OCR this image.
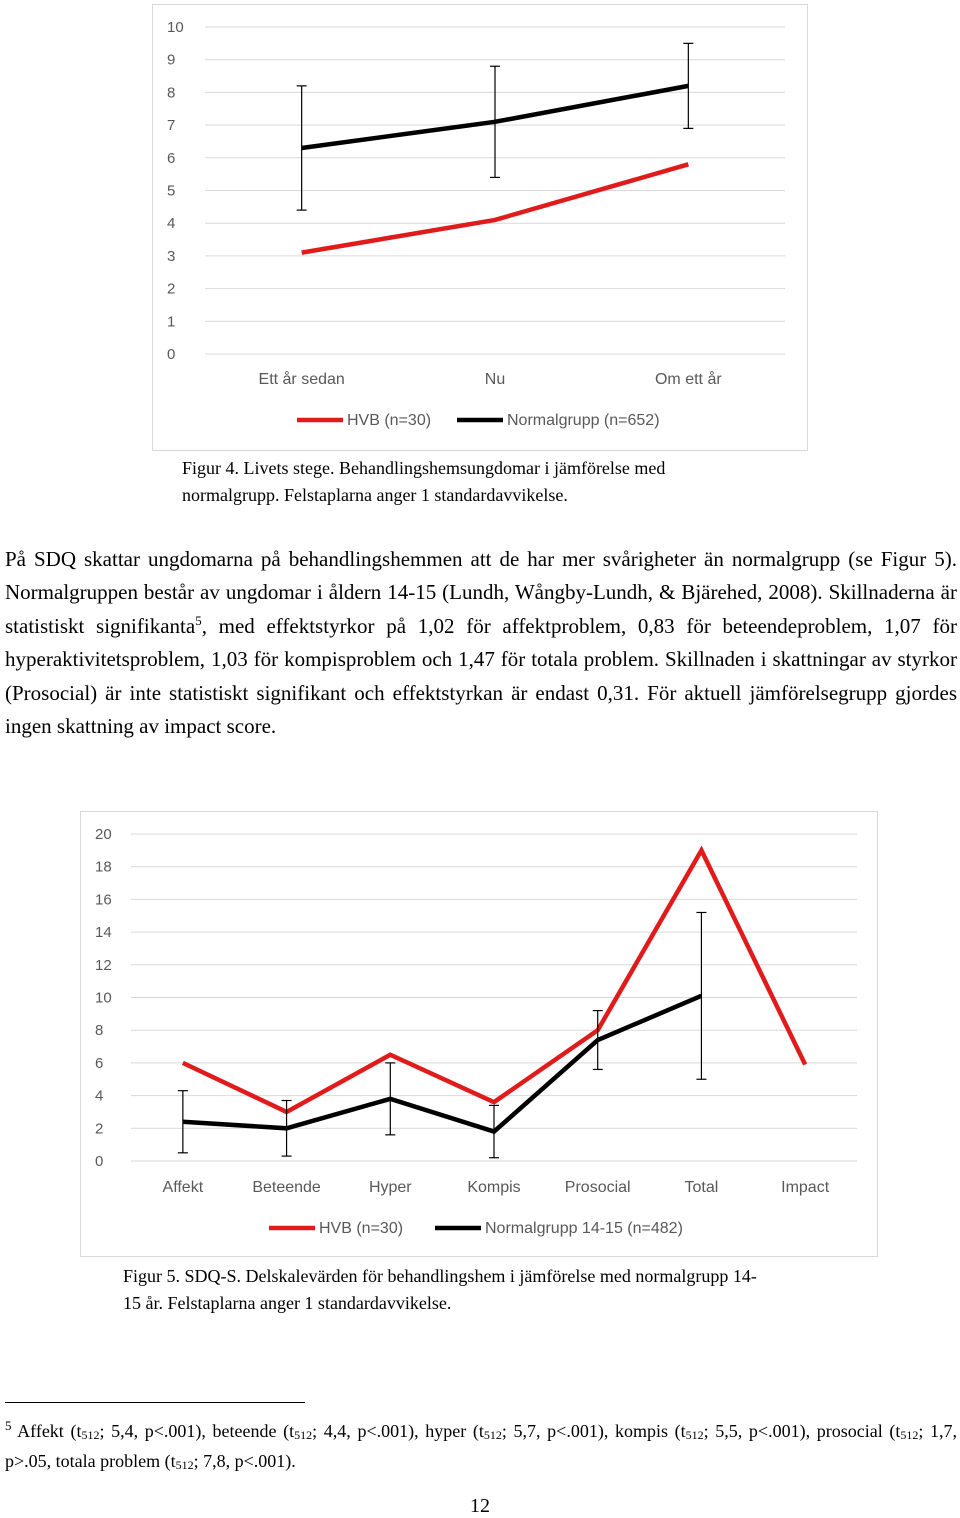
0
1
2
3
4
5
6
7
8
9
10
Ett år sedan	Nu	Om ett år
HVB (n=30)	Normalgrupp (n=652)
Figur 4. Livets stege. Behandlingshemsungdomar i jämförelse med
normalgrupp. Felstaplarna anger 1 standardavvikelse.

På SDQ skattar ungdomarna på behandlingshemmen att de har mer svårigheter än normalgrupp (se Figur 5). Normalgruppen består av ungdomar i åldern 14-15 (Lundh, Wångby-Lundh, & Bjärehed, 2008). Skillnaderna är statistiskt signifikanta$^5$, med effektstyrkor på 1,02 för affektproblem, 0,83 för beteendeproblem, 1,07 för hyperaktivitetsproblem, 1,03 för kompisproblem och 1,47 för totala problem. Skillnaden i skattningar av styrkor (Prosocial) är inte statistiskt signifikant och effektstyrkan är endast 0,31. För aktuell jämförelsegrupp gjordes ingen skattning av impact score.

0
2
4
6
8
10
12
14
16
18
20
Affekt	Beteende	Hyper	Kompis	Prosocial	Total	Impact
HVB (n=30)	Normalgrupp 14-15 (n=482)
Figur 5. SDQ-S. Delskalevärden för behandlingshem i jämförelse med normalgrupp 14-
15 år. Felstaplarna anger 1 standardavvikelse.

$^5$ Affekt ($t_{512}$; 5,4, p<.001), beteende ($t_{512}$; 4,4, p<.001), hyper ($t_{512}$; 5,7, p<.001), kompis ($t_{512}$; 5,5, p<.001), prosocial ($t_{512}$; 1,7, p>.05, totala problem ($t_{512}$; 7,8, p<.001).

12
